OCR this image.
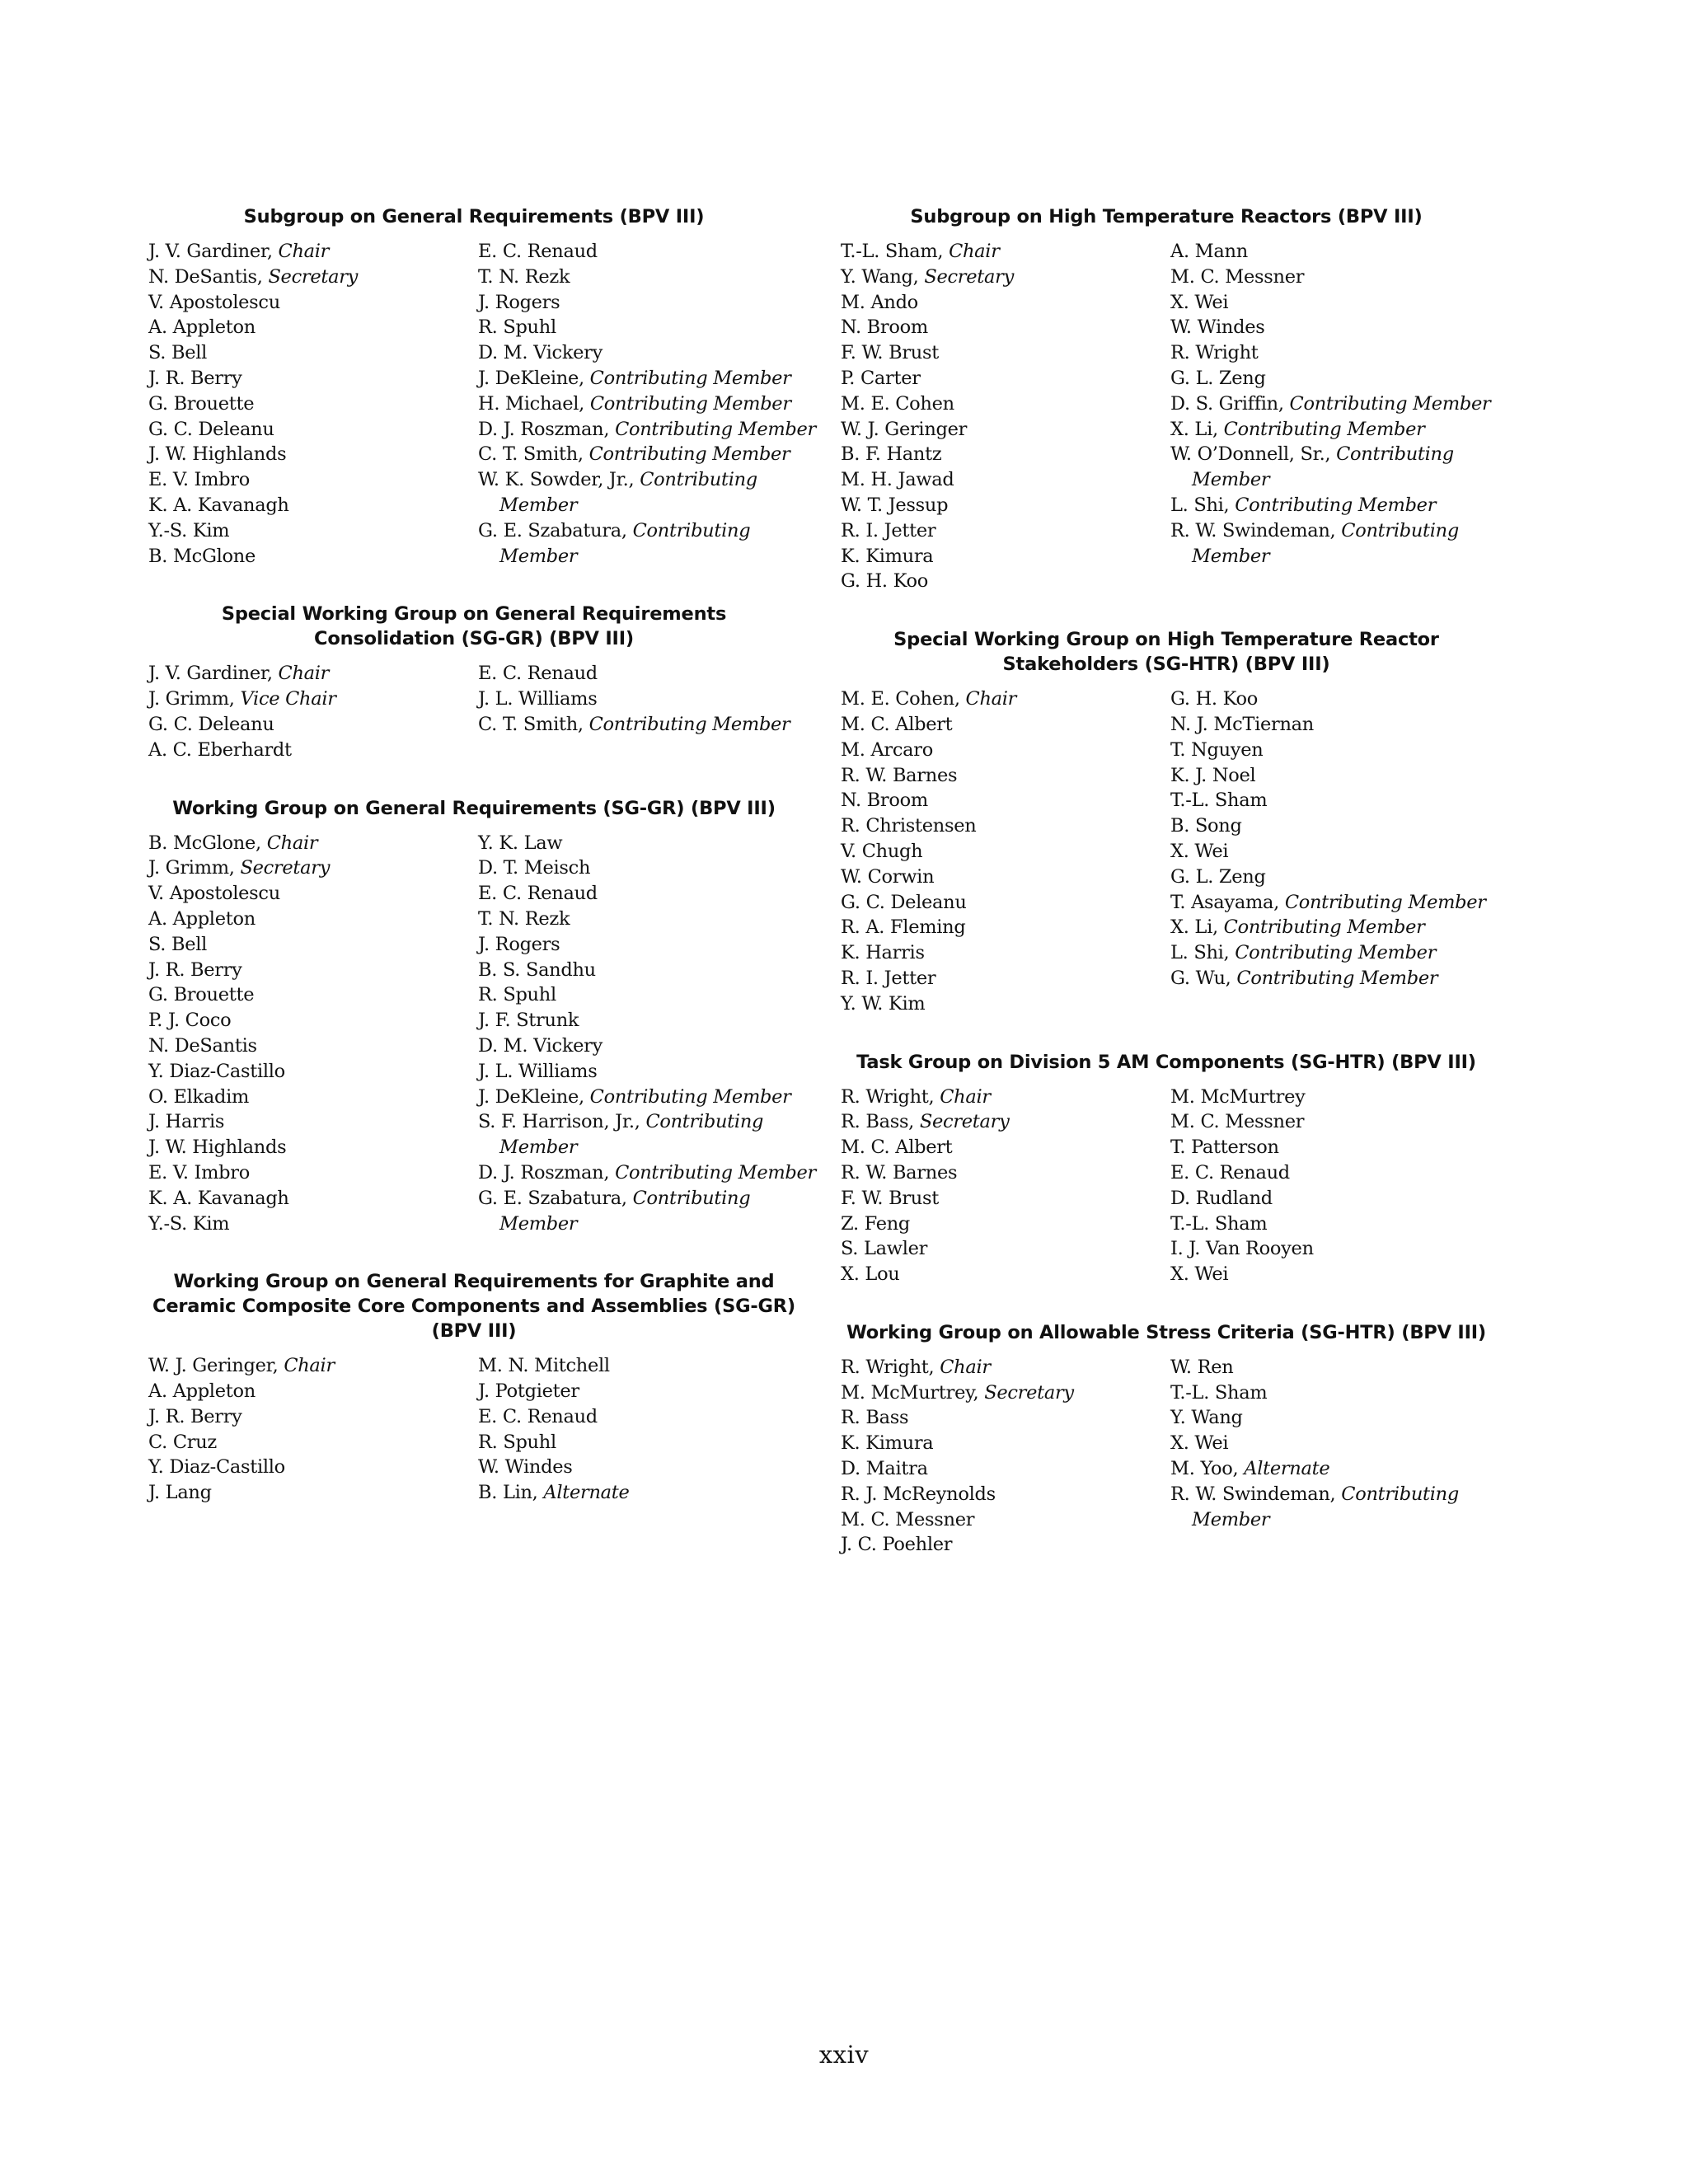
Subgroup on General Requirements (BPV III)
J. V. Gardiner, Chair
N. DeSantis, Secretary
V. Apostolescu
A. Appleton
S. Bell
J. R. Berry
G. Brouette
G. C. Deleanu
J. W. Highlands
E. V. Imbro
K. A. Kavanagh
Y.-S. Kim
B. McGlone
E. C. Renaud
T. N. Rezk
J. Rogers
R. Spuhl
D. M. Vickery
J. DeKleine, Contributing Member
H. Michael, Contributing Member
D. J. Roszman, Contributing Member
C. T. Smith, Contributing Member
W. K. Sowder, Jr., Contributing
Member
G. E. Szabatura, Contributing
Member
Special Working Group on General Requirements Consolidation (SG-GR) (BPV III)
J. V. Gardiner, Chair
J. Grimm, Vice Chair
G. C. Deleanu
A. C. Eberhardt
E. C. Renaud
J. L. Williams
C. T. Smith, Contributing Member
Working Group on General Requirements (SG-GR) (BPV III)
B. McGlone, Chair
J. Grimm, Secretary
V. Apostolescu
A. Appleton
S. Bell
J. R. Berry
G. Brouette
P. J. Coco
N. DeSantis
Y. Diaz-Castillo
O. Elkadim
J. Harris
J. W. Highlands
E. V. Imbro
K. A. Kavanagh
Y.-S. Kim
Y. K. Law
D. T. Meisch
E. C. Renaud
T. N. Rezk
J. Rogers
B. S. Sandhu
R. Spuhl
J. F. Strunk
D. M. Vickery
J. L. Williams
J. DeKleine, Contributing Member
S. F. Harrison, Jr., Contributing
Member
D. J. Roszman, Contributing Member
G. E. Szabatura, Contributing
Member
Working Group on General Requirements for Graphite and Ceramic Composite Core Components and Assemblies (SG-GR) (BPV III)
W. J. Geringer, Chair
A. Appleton
J. R. Berry
C. Cruz
Y. Diaz-Castillo
J. Lang
M. N. Mitchell
J. Potgieter
E. C. Renaud
R. Spuhl
W. Windes
B. Lin, Alternate
Subgroup on High Temperature Reactors (BPV III)
T.-L. Sham, Chair
Y. Wang, Secretary
M. Ando
N. Broom
F. W. Brust
P. Carter
M. E. Cohen
W. J. Geringer
B. F. Hantz
M. H. Jawad
W. T. Jessup
R. I. Jetter
K. Kimura
G. H. Koo
A. Mann
M. C. Messner
X. Wei
W. Windes
R. Wright
G. L. Zeng
D. S. Griffin, Contributing Member
X. Li, Contributing Member
W. O’Donnell, Sr., Contributing
Member
L. Shi, Contributing Member
R. W. Swindeman, Contributing
Member
Special Working Group on High Temperature Reactor Stakeholders (SG-HTR) (BPV III)
M. E. Cohen, Chair
M. C. Albert
M. Arcaro
R. W. Barnes
N. Broom
R. Christensen
V. Chugh
W. Corwin
G. C. Deleanu
R. A. Fleming
K. Harris
R. I. Jetter
Y. W. Kim
G. H. Koo
N. J. McTiernan
T. Nguyen
K. J. Noel
T.-L. Sham
B. Song
X. Wei
G. L. Zeng
T. Asayama, Contributing Member
X. Li, Contributing Member
L. Shi, Contributing Member
G. Wu, Contributing Member
Task Group on Division 5 AM Components (SG-HTR) (BPV III)
R. Wright, Chair
R. Bass, Secretary
M. C. Albert
R. W. Barnes
F. W. Brust
Z. Feng
S. Lawler
X. Lou
M. McMurtrey
M. C. Messner
T. Patterson
E. C. Renaud
D. Rudland
T.-L. Sham
I. J. Van Rooyen
X. Wei
Working Group on Allowable Stress Criteria (SG-HTR) (BPV III)
R. Wright, Chair
M. McMurtrey, Secretary
R. Bass
K. Kimura
D. Maitra
R. J. McReynolds
M. C. Messner
J. C. Poehler
W. Ren
T.-L. Sham
Y. Wang
X. Wei
M. Yoo, Alternate
R. W. Swindeman, Contributing
Member
xxiv
